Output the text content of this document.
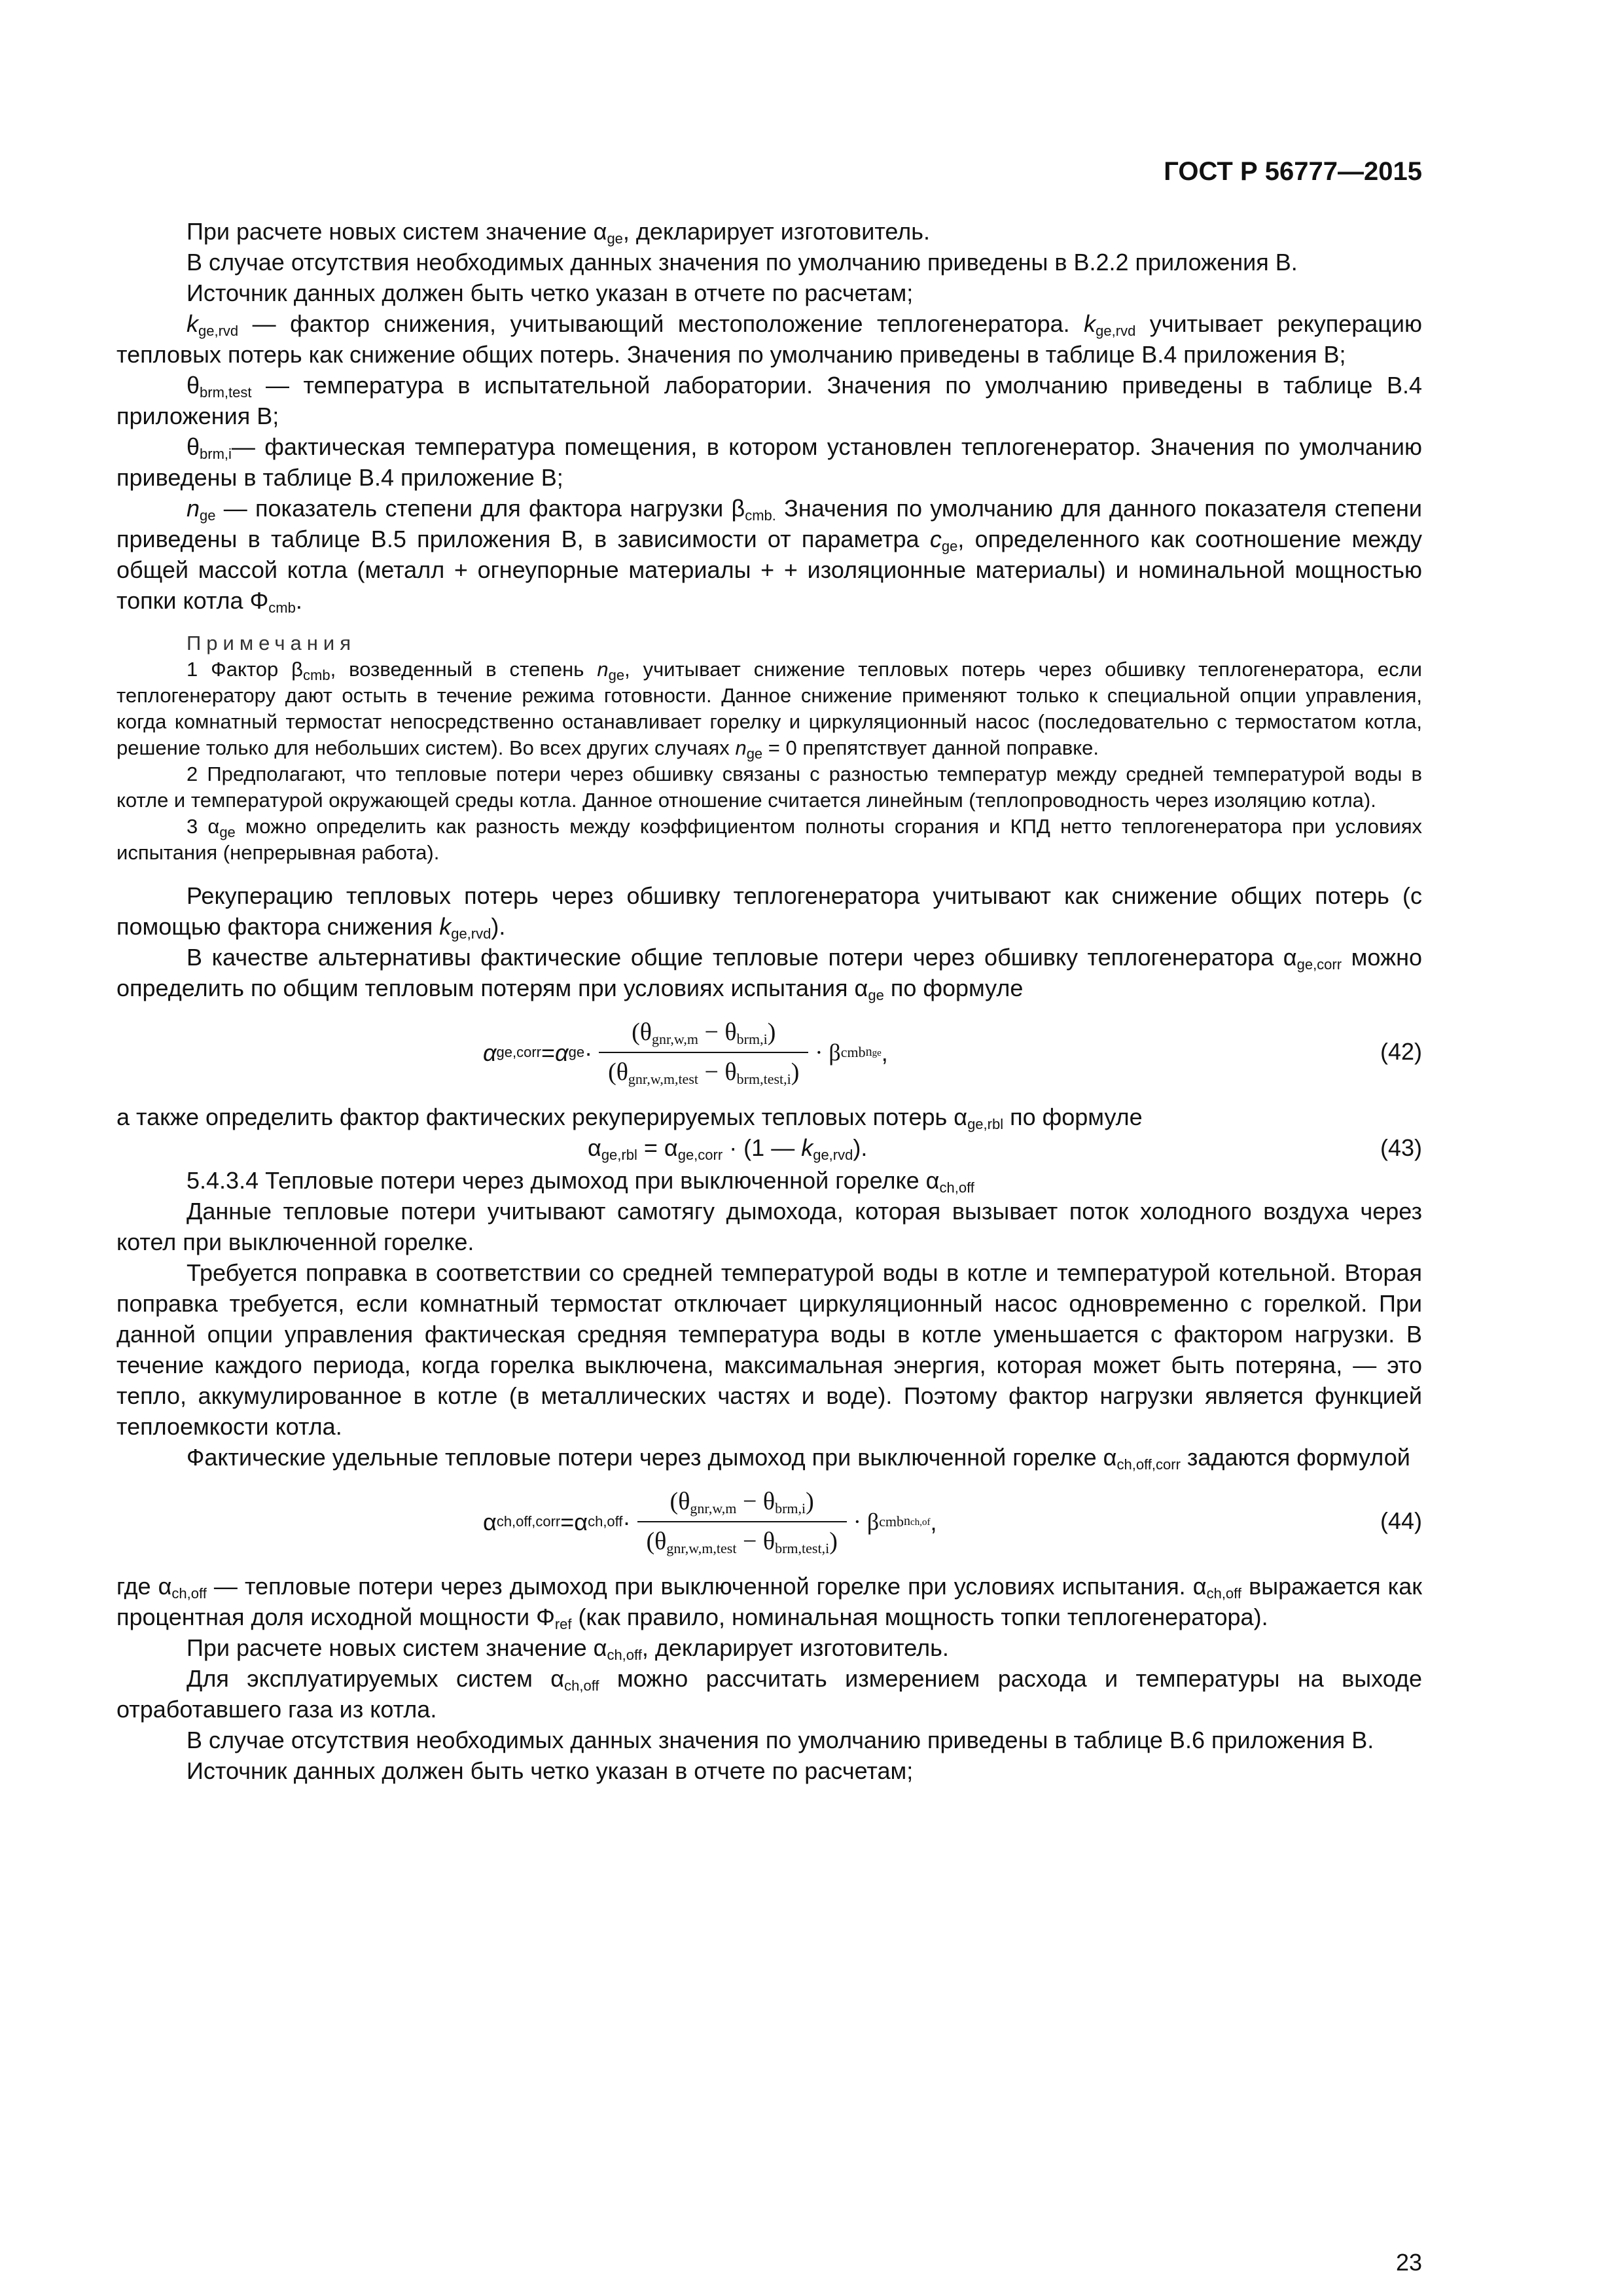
ГОСТ Р 56777—2015

При расчете новых систем значение $\alpha_{ge}$, декларирует изготовитель.

В случае отсутствия необходимых данных значения по умолчанию приведены в В.2.2 приложения В.

Источник данных должен быть четко указан в отчете по расчетам;

$k_{ge,rvd}$ — фактор снижения, учитывающий местоположение теплогенератора. $k_{ge,rvd}$ учитывает рекуперацию тепловых потерь как снижение общих потерь. Значения по умолчанию приведены в таблице В.4 приложения В;

$\theta_{brm,test}$ — температура в испытательной лаборатории. Значения по умолчанию приведены в таблице В.4 приложения В;

$\theta_{brm,i}—$ фактическая температура помещения, в котором установлен теплогенератор. Значения по умолчанию приведены в таблице В.4 приложение В;

$n_{ge}$ — показатель степени для фактора нагрузки $\beta_{cmb.}$ Значения по умолчанию для данного показателя степени приведены в таблице В.5 приложения В, в зависимости от параметра $c_{ge}$, определенного как соотношение между общей массой котла (металл + огнеупорные материалы + + изоляционные материалы) и номинальной мощностью топки котла $\Phi_{cmb}$.

Примечания

1 Фактор $\beta_{cmb}$, возведенный в степень $n_{ge}$, учитывает снижение тепловых потерь через обшивку теплогенератора, если теплогенератору дают остыть в течение режима готовности. Данное снижение применяют только к специальной опции управления, когда комнатный термостат непосредственно останавливает горелку и циркуляционный насос (последовательно с термостатом котла, решение только для небольших систем). Во всех других случаях $n_{ge} = 0$ препятствует данной поправке.

2 Предполагают, что тепловые потери через обшивку связаны с разностью температур между средней температурой воды в котле и температурой окружающей среды котла. Данное отношение считается линейным (теплопроводность через изоляцию котла).

3 $\alpha_{ge}$ можно определить как разность между коэффициентом полноты сгорания и КПД нетто теплогенератора при условиях испытания (непрерывная работа).

Рекуперацию тепловых потерь через обшивку теплогенератора учитывают как снижение общих потерь (с помощью фактора снижения $k_{ge,rvd}$).

В качестве альтернативы фактические общие тепловые потери через обшивку теплогенератора $\alpha_{ge,corr}$ можно определить по общим тепловым потерям при условиях испытания $\alpha_{ge}$ по формуле

α ge,corr = α ge · $\frac{(\theta_{gnr,w,m} - \theta_{brm,i})}{(\theta_{gnr,w,m,test} - \theta_{brm,test,i})} \cdot \beta$ cmb nge ,	(42)

а также определить фактор фактических рекуперируемых тепловых потерь $\alpha_{ge,rbl}$ по формуле

$\alpha_{ge,rbl} = \alpha_{ge,corr} \cdot (1$ — $k_{ge,rvd}$).	(43)

5.4.3.4 Тепловые потери через дымоход при выключенной горелке $\alpha_{ch,off}$

Данные тепловые потери учитывают самотягу дымохода, которая вызывает поток холодного воздуха через котел при выключенной горелке.

Требуется поправка в соответствии со средней температурой воды в котле и температурой котельной. Вторая поправка требуется, если комнатный термостат отключает циркуляционный насос одновременно с горелкой. При данной опции управления фактическая средняя температура воды в котле уменьшается с фактором нагрузки. В течение каждого периода, когда горелка выключена, максимальная энергия, которая может быть потеряна, — это тепло, аккумулированное в котле (в металлических частях и воде). Поэтому фактор нагрузки является функцией теплоемкости котла.

Фактические удельные тепловые потери через дымоход при выключенной горелке $\alpha_{ch,off,corr}$ задаются формулой

α ch,off,corr = α $ch,off \cdot \frac{(\theta_{gnr,w,m} - \theta_{brm,i})}{(\theta_{gnr,w,m,test} - \theta_{brm,test,i})} \cdot \beta$ cmb nch,of ,	(44)

где $\alpha_{ch,off}$ — тепловые потери через дымоход при выключенной горелке при условиях испытания. $\alpha_{ch,off}$ выражается как процентная доля исходной мощности $\Phi_{ref}$ (как правило, номинальная мощность топки теплогенератора).

При расчете новых систем значение $\alpha_{ch,off}$, декларирует изготовитель.

Для эксплуатируемых систем $\alpha_{ch,off}$ можно рассчитать измерением расхода и температуры на выходе отработавшего газа из котла.

В случае отсутствия необходимых данных значения по умолчанию приведены в таблице В.6 приложения В.

Источник данных должен быть четко указан в отчете по расчетам;

23
